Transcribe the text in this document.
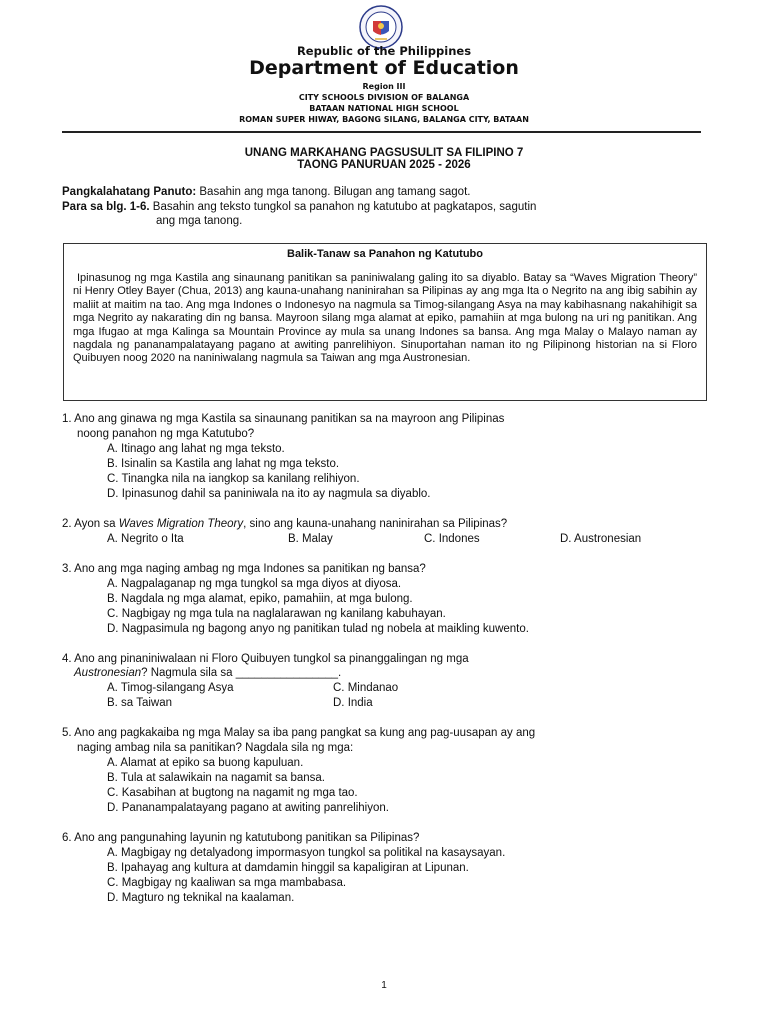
Republic of the Philippines
Department of Education
Region III
CITY SCHOOLS DIVISION OF BALANGA
BATAAN NATIONAL HIGH SCHOOL
ROMAN SUPER HIWAY, BAGONG SILANG, BALANGA CITY, BATAAN
UNANG MARKAHANG PAGSUSULIT SA FILIPINO 7
TAONG PANURUAN 2025 - 2026
Pangkalahatang Panuto: Basahin ang mga tanong. Bilugan ang tamang sagot.
Para sa blg. 1-6. Basahin ang teksto tungkol sa panahon ng katutubo at pagkatapos, sagutin
ang mga tanong.
Balik-Tanaw sa Panahon ng Katutubo

Ipinasunog ng mga Kastila ang sinaunang panitikan sa paniniwalang galing ito sa diyablo. Batay sa “Waves Migration Theory” ni Henry Otley Bayer (Chua, 2013) ang kauna-unahang naninirahan sa Pilipinas ay ang mga Ita o Negrito na ang ibig sabihin ay maliit at maitim na tao. Ang mga Indones o Indonesyo na nagmula sa Timog-silangang Asya na may kabihasnang nakahihigit sa mga Negrito ay nakarating din ng bansa. Mayroon silang mga alamat at epiko, pamahiin at mga bulong na uri ng panitikan. Ang mga Ifugao at mga Kalinga sa Mountain Province ay mula sa unang Indones sa bansa. Ang mga Malay o Malayo naman ay nagdala ng pananampalatayang pagano at awiting panrelihiyon. Sinuportahan naman ito ng Pilipinong historian na si Floro Quibuyen noog 2020 na naniniwalang nagmula sa Taiwan ang mga Austronesian.

1. Ano ang ginawa ng mga Kastila sa sinaunang panitikan sa na mayroon ang Pilipinas
noong panahon ng mga Katutubo?
A. Itinago ang lahat ng mga teksto.
B. Isinalin sa Kastila ang lahat ng mga teksto.
C. Tinangka nila na iangkop sa kanilang relihiyon.
D. Ipinasunog dahil sa paniniwala na ito ay nagmula sa diyablo.
2. Ayon sa Waves Migration Theory, sino ang kauna-unahang naninirahan sa Pilipinas?
A. Negrito o Ita	B. Malay	C. Indones	D. Austronesian
3. Ano ang mga naging ambag ng mga Indones sa panitikan ng bansa?
A. Nagpalaganap ng mga tungkol sa mga diyos at diyosa.
B. Nagdala ng mga alamat, epiko, pamahiin, at mga bulong.
C. Nagbigay ng mga tula na naglalarawan ng kanilang kabuhayan.
D. Nagpasimula ng bagong anyo ng panitikan tulad ng nobela at maikling kuwento.
4. Ano ang pinaniniwalaan ni Floro Quibuyen tungkol sa pinanggalingan ng mga
Austronesian? Nagmula sila sa ________________.
A. Timog-silangang Asya
B. sa Taiwan
C. Mindanao
D. India
5. Ano ang pagkakaiba ng mga Malay sa iba pang pangkat sa kung ang pag-uusapan ay ang
naging ambag nila sa panitikan? Nagdala sila ng mga:
A. Alamat at epiko sa buong kapuluan.
B. Tula at salawikain na nagamit sa bansa.
C. Kasabihan at bugtong na nagamit ng mga tao.
D. Pananampalatayang pagano at awiting panrelihiyon.
6. Ano ang pangunahing layunin ng katutubong panitikan sa Pilipinas?
A. Magbigay ng detalyadong impormasyon tungkol sa politikal na kasaysayan.
B. Ipahayag ang kultura at damdamin hinggil sa kapaligiran at Lipunan.
C. Magbigay ng kaaliwan sa mga mambabasa.
D. Magturo ng teknikal na kaalaman.
1
